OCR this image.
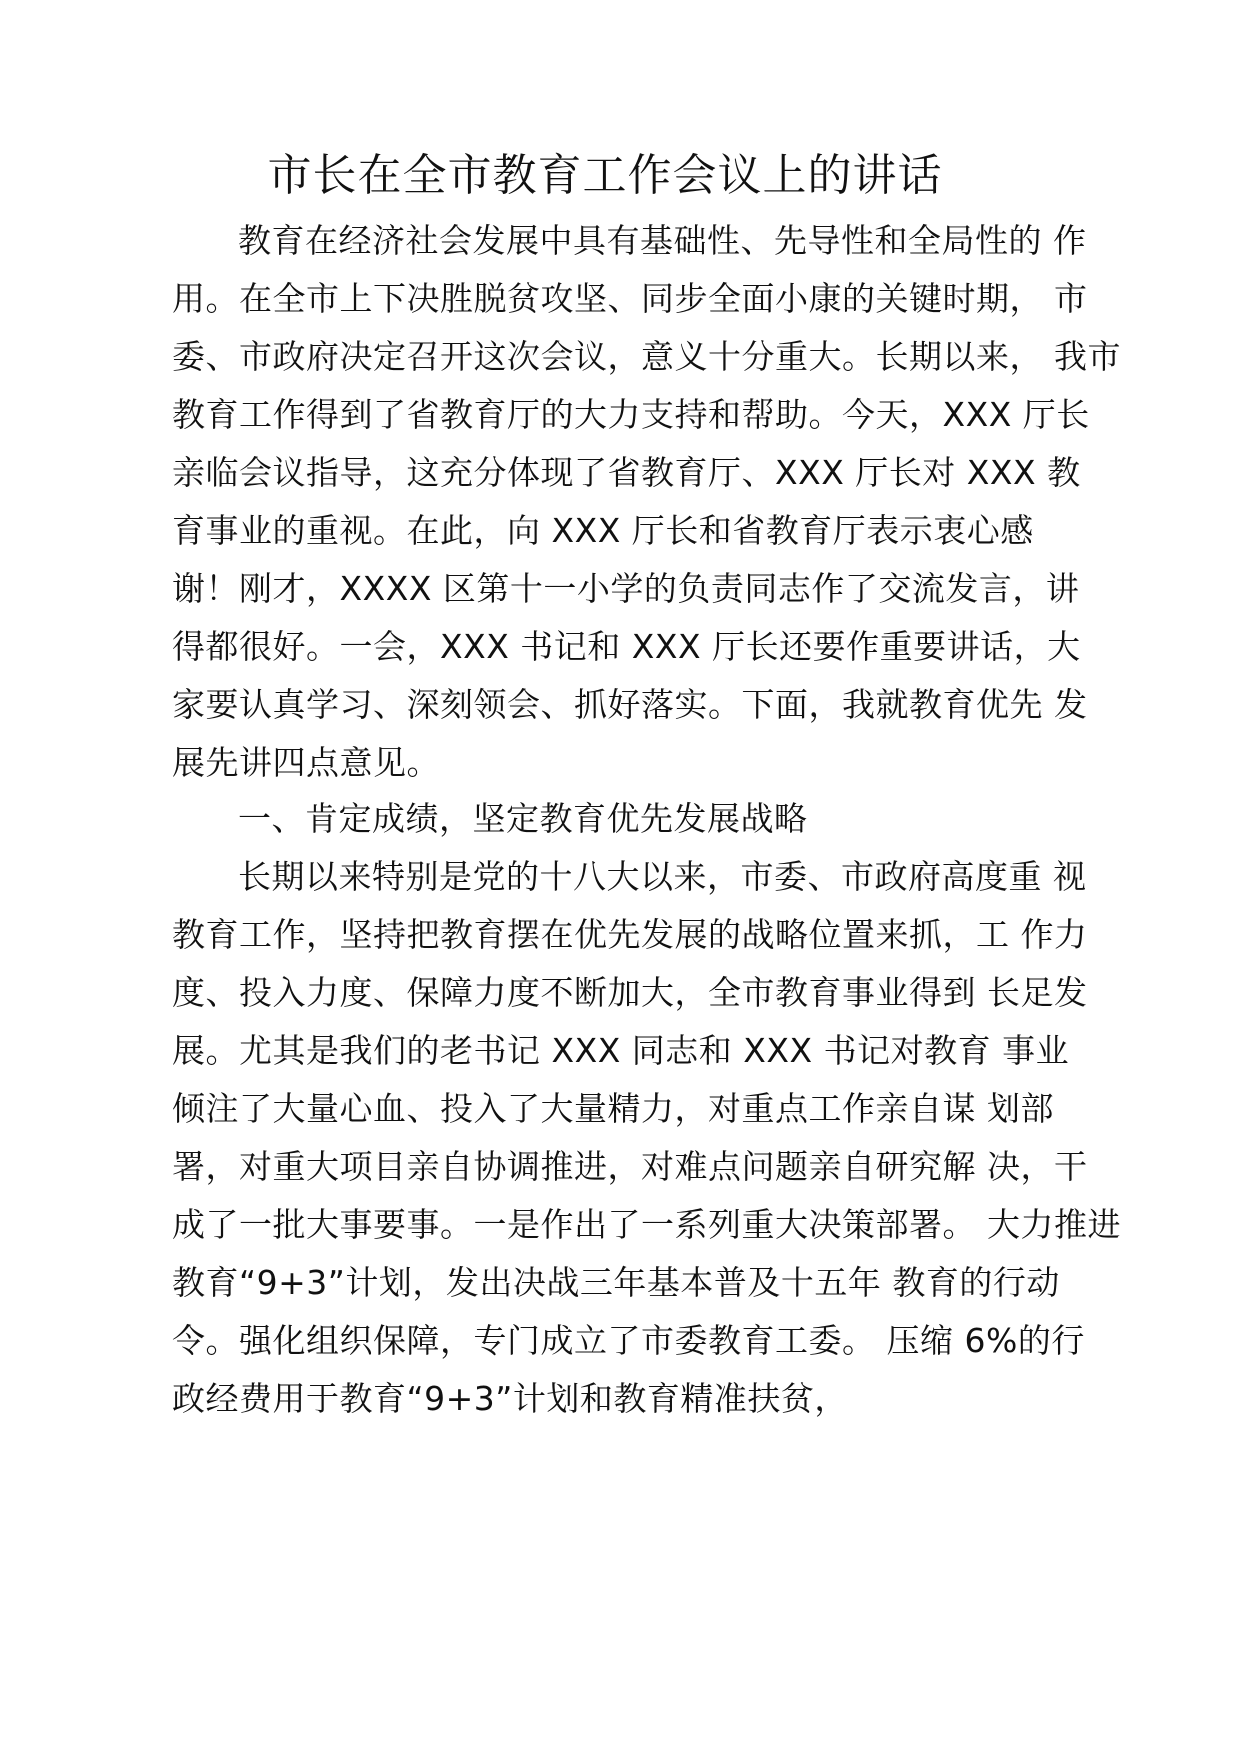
市长在全市教育工作会议上的讲话
教育在经济社会发展中具有基础性、先导性和全局性的 作
用。在全市上下决胜脱贫攻坚、同步全面小康的关键时期， 市
委、市政府决定召开这次会议，意义十分重大。长期以来， 我市
教育工作得到了省教育厅的大力支持和帮助。今天，XXX 厅长
亲临会议指导，这充分体现了省教育厅、XXX 厅长对 XXX 教
育事业的重视。在此，向 XXX 厅长和省教育厅表示衷心感
谢！刚才，XXXX 区第十一小学的负责同志作了交流发言，讲
得都很好。一会，XXX 书记和 XXX 厅长还要作重要讲话，大
家要认真学习、深刻领会、抓好落实。下面，我就教育优先 发
展先讲四点意见。
一、肯定成绩，坚定教育优先发展战略
长期以来特别是党的十八大以来，市委、市政府高度重 视
教育工作，坚持把教育摆在优先发展的战略位置来抓，工 作力
度、投入力度、保障力度不断加大，全市教育事业得到 长足发
展。尤其是我们的老书记 XXX 同志和 XXX 书记对教育 事业
倾注了大量心血、投入了大量精力，对重点工作亲自谋 划部
署，对重大项目亲自协调推进，对难点问题亲自研究解 决，干
成了一批大事要事。一是作出了一系列重大决策部署。 大力推进
教育“9+3”计划，发出决战三年基本普及十五年 教育的行动
令。强化组织保障，专门成立了市委教育工委。 压缩 6%的行
政经费用于教育“9+3”计划和教育精准扶贫，
